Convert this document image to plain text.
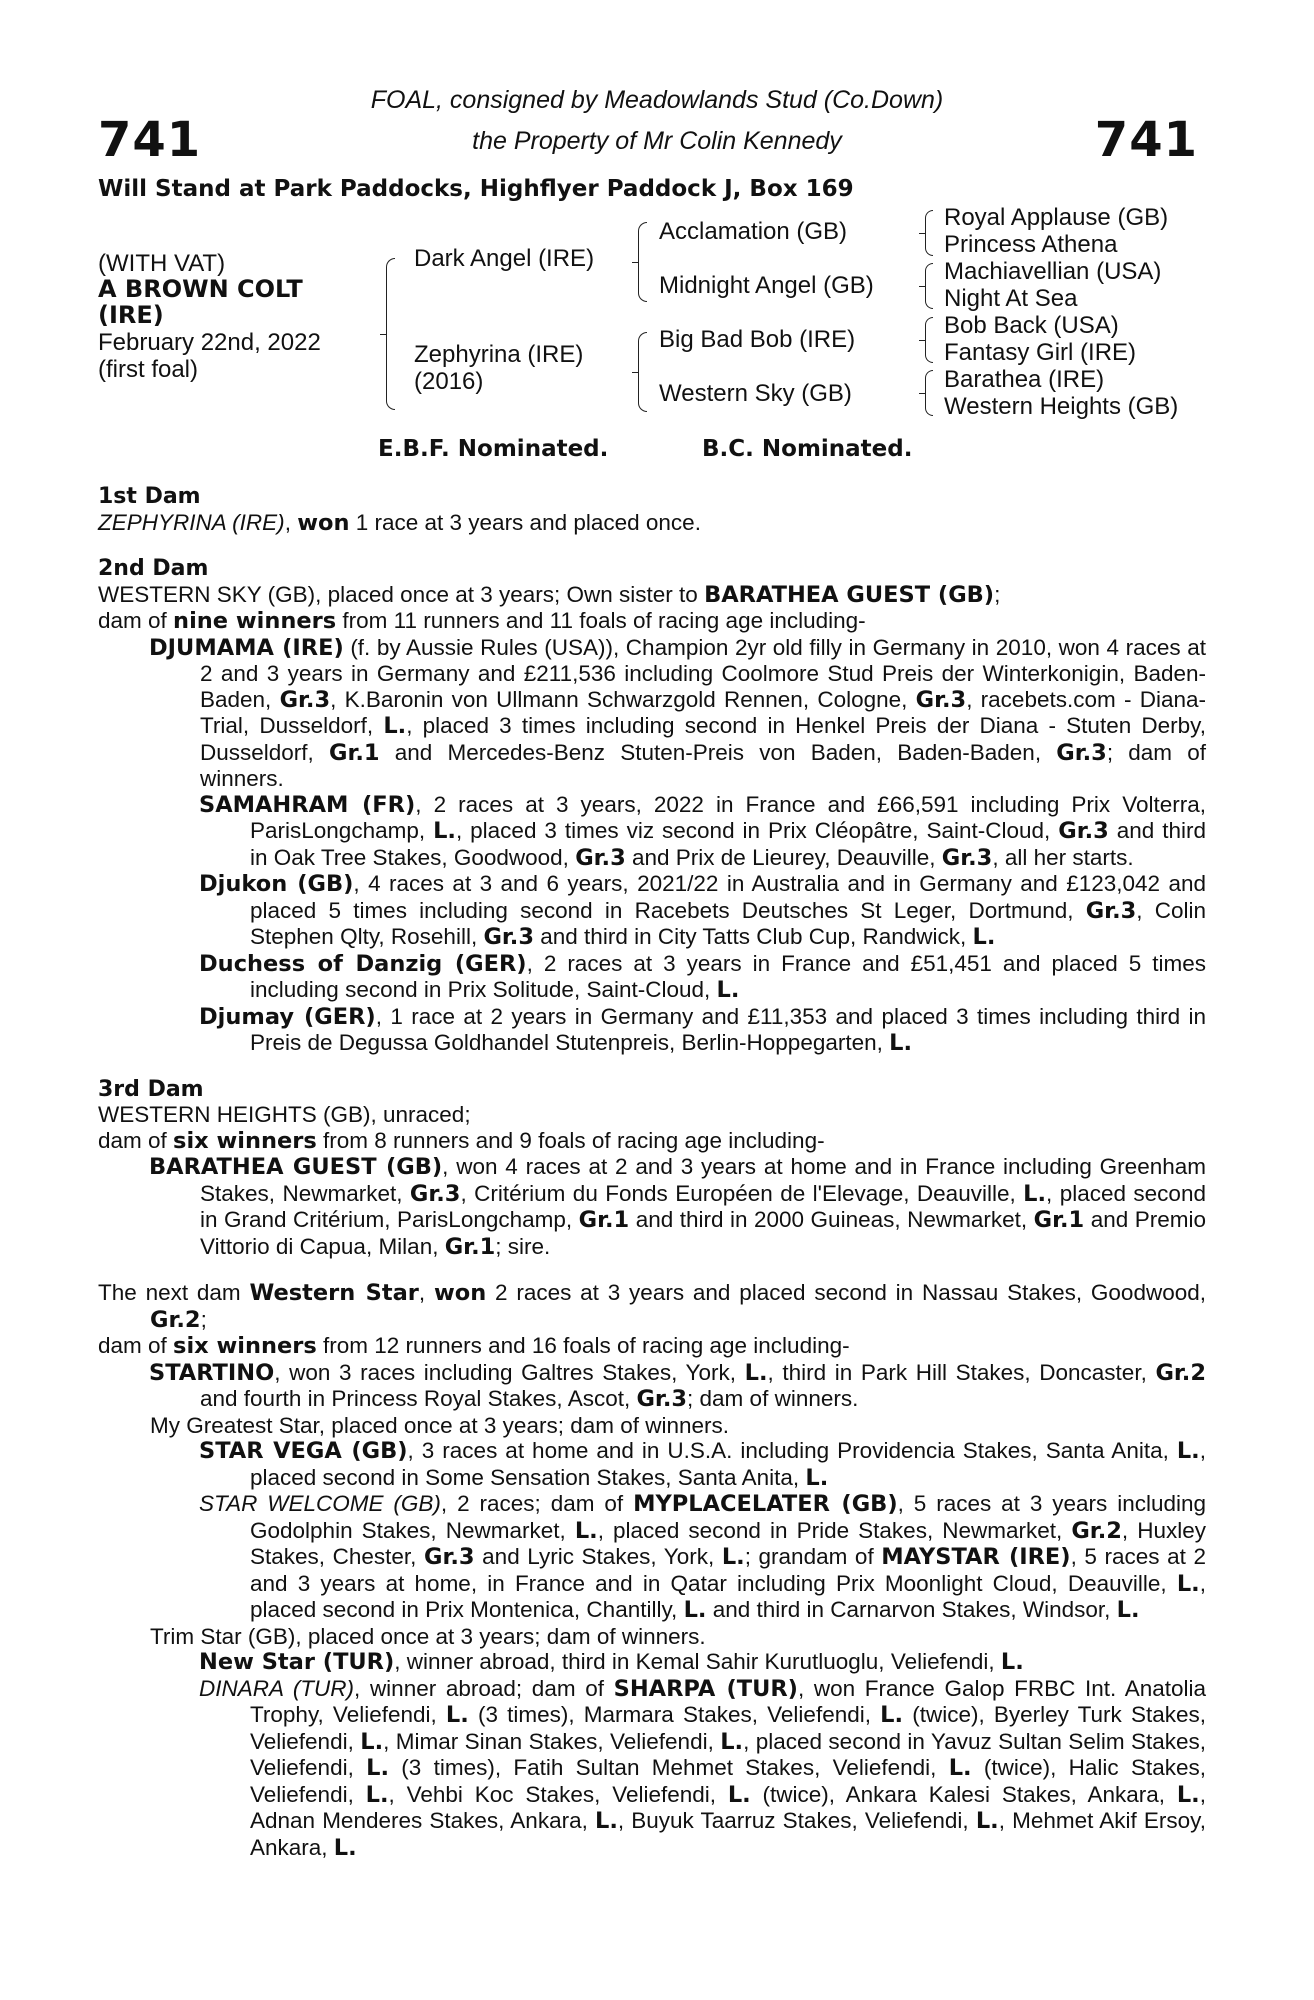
741	741
FOAL, consigned by Meadowlands Stud (Co.Down)
the Property of Mr Colin Kennedy
Will Stand at Park Paddocks, Highflyer Paddock J, Box 169
(WITH VAT)
A BROWN COLT
(IRE)
February 22nd, 2022
(first foal)
Dark Angel (IRE)
Zephyrina (IRE)
(2016)
Acclamation (GB)
Midnight Angel (GB)
Big Bad Bob (IRE)
Western Sky (GB)
Royal Applause (GB)
Princess Athena
Machiavellian (USA)
Night At Sea
Bob Back (USA)
Fantasy Girl (IRE)
Barathea (IRE)
Western Heights (GB)
E.B.F. Nominated.	B.C. Nominated.
1st Dam

ZEPHYRINA (IRE), won 1 race at 3 years and placed once.

2nd Dam

WESTERN SKY (GB), placed once at 3 years; Own sister to BARATHEA GUEST (GB);

dam of nine winners from 11 runners and 11 foals of racing age including-

DJUMAMA (IRE) (f. by Aussie Rules (USA)), Champion 2yr old filly in Germany in 2010, won 4 races at 2 and 3 years in Germany and £211,536 including Coolmore Stud Preis der Winterkonigin, Baden-Baden, Gr.3, K.Baronin von Ullmann Schwarzgold Rennen, Cologne, Gr.3, racebets.com - Diana-Trial, Dusseldorf, L., placed 3 times including second in Henkel Preis der Diana - Stuten Derby, Dusseldorf, Gr.1 and Mercedes-Benz Stuten-Preis von Baden, Baden-Baden, Gr.3; dam of winners.

SAMAHRAM (FR), 2 races at 3 years, 2022 in France and £66,591 including Prix Volterra, ParisLongchamp, L., placed 3 times viz second in Prix Cléopâtre, Saint-Cloud, Gr.3 and third in Oak Tree Stakes, Goodwood, Gr.3 and Prix de Lieurey, Deauville, Gr.3, all her starts.

Djukon (GB), 4 races at 3 and 6 years, 2021/22 in Australia and in Germany and £123,042 and placed 5 times including second in Racebets Deutsches St Leger, Dortmund, Gr.3, Colin Stephen Qlty, Rosehill, Gr.3 and third in City Tatts Club Cup, Randwick, L.

Duchess of Danzig (GER), 2 races at 3 years in France and £51,451 and placed 5 times including second in Prix Solitude, Saint-Cloud, L.

Djumay (GER), 1 race at 2 years in Germany and £11,353 and placed 3 times including third in Preis de Degussa Goldhandel Stutenpreis, Berlin-Hoppegarten, L.

3rd Dam

WESTERN HEIGHTS (GB), unraced;

dam of six winners from 8 runners and 9 foals of racing age including-

BARATHEA GUEST (GB), won 4 races at 2 and 3 years at home and in France including Greenham Stakes, Newmarket, Gr.3, Critérium du Fonds Européen de l'Elevage, Deauville, L., placed second in Grand Critérium, ParisLongchamp, Gr.1 and third in 2000 Guineas, Newmarket, Gr.1 and Premio Vittorio di Capua, Milan, Gr.1; sire.

The next dam Western Star, won 2 races at 3 years and placed second in Nassau Stakes, Goodwood, Gr.2;

dam of six winners from 12 runners and 16 foals of racing age including-

STARTINO, won 3 races including Galtres Stakes, York, L., third in Park Hill Stakes, Doncaster, Gr.2 and fourth in Princess Royal Stakes, Ascot, Gr.3; dam of winners.

My Greatest Star, placed once at 3 years; dam of winners.

STAR VEGA (GB), 3 races at home and in U.S.A. including Providencia Stakes, Santa Anita, L., placed second in Some Sensation Stakes, Santa Anita, L.

STAR WELCOME (GB), 2 races; dam of MYPLACELATER (GB), 5 races at 3 years including Godolphin Stakes, Newmarket, L., placed second in Pride Stakes, Newmarket, Gr.2, Huxley Stakes, Chester, Gr.3 and Lyric Stakes, York, L.; grandam of MAYSTAR (IRE), 5 races at 2 and 3 years at home, in France and in Qatar including Prix Moonlight Cloud, Deauville, L., placed second in Prix Montenica, Chantilly, L. and third in Carnarvon Stakes, Windsor, L.

Trim Star (GB), placed once at 3 years; dam of winners.

New Star (TUR), winner abroad, third in Kemal Sahir Kurutluoglu, Veliefendi, L.

DINARA (TUR), winner abroad; dam of SHARPA (TUR), won France Galop FRBC Int. Anatolia Trophy, Veliefendi, L. (3 times), Marmara Stakes, Veliefendi, L. (twice), Byerley Turk Stakes, Veliefendi, L., Mimar Sinan Stakes, Veliefendi, L., placed second in Yavuz Sultan Selim Stakes, Veliefendi, L. (3 times), Fatih Sultan Mehmet Stakes, Veliefendi, L. (twice), Halic Stakes, Veliefendi, L., Vehbi Koc Stakes, Veliefendi, L. (twice), Ankara Kalesi Stakes, Ankara, L., Adnan Menderes Stakes, Ankara, L., Buyuk Taarruz Stakes, Veliefendi, L., Mehmet Akif Ersoy, Ankara, L.
